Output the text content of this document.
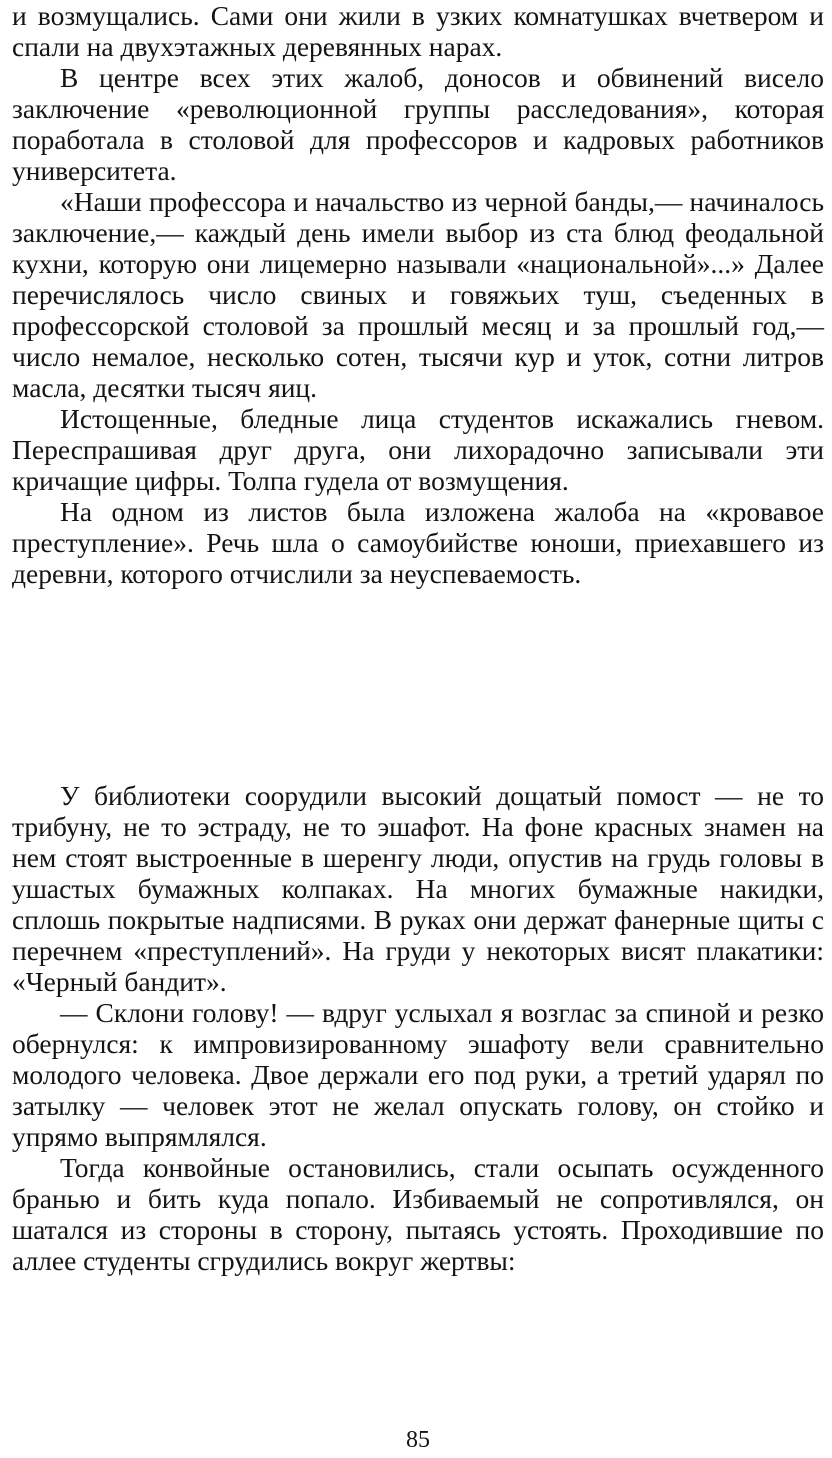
и возмущались. Сами они жили в узких комнатушках вчетвером и спали на двухэтажных деревянных нарах.

В центре всех этих жалоб, доносов и обвинений висело заключение «революционной группы расследования», которая поработала в столовой для профессоров и кадровых работников университета.

«Наши профессора и начальство из черной банды,— начиналось заключение,— каждый день имели выбор из ста блюд феодальной кухни, которую они лицемерно называли «национальной»...» Далее перечислялось число свиных и говяжьих туш, съеденных в профессорской столовой за прошлый месяц и за прошлый год,— число немалое, несколько сотен, тысячи кур и уток, сотни литров масла, десятки тысяч яиц.

Истощенные, бледные лица студентов искажались гневом. Переспрашивая друг друга, они лихорадочно записывали эти кричащие цифры. Толпа гудела от возмущения.

На одном из листов была изложена жалоба на «кровавое преступление». Речь шла о самоубийстве юноши, приехавшего из деревни, которого отчислили за неуспеваемость.

У библиотеки соорудили высокий дощатый помост — не то трибуну, не то эстраду, не то эшафот. На фоне красных знамен на нем стоят выстроенные в шеренгу люди, опустив на грудь головы в ушастых бумажных колпаках. На многих бумажные накидки, сплошь покрытые надписями. В руках они держат фанерные щиты с перечнем «преступлений». На груди у некоторых висят плакатики: «Черный бандит».

— Склони голову! — вдруг услыхал я возглас за спиной и резко обернулся: к импровизированному эшафоту вели сравнительно молодого человека. Двое держали его под руки, а третий ударял по затылку — человек этот не желал опускать голову, он стойко и упрямо выпрямлялся.

Тогда конвойные остановились, стали осыпать осужденного бранью и бить куда попало. Избиваемый не сопротивлялся, он шатался из стороны в сторону, пытаясь устоять. Проходившие по аллее студенты сгрудились вокруг жертвы:

85
